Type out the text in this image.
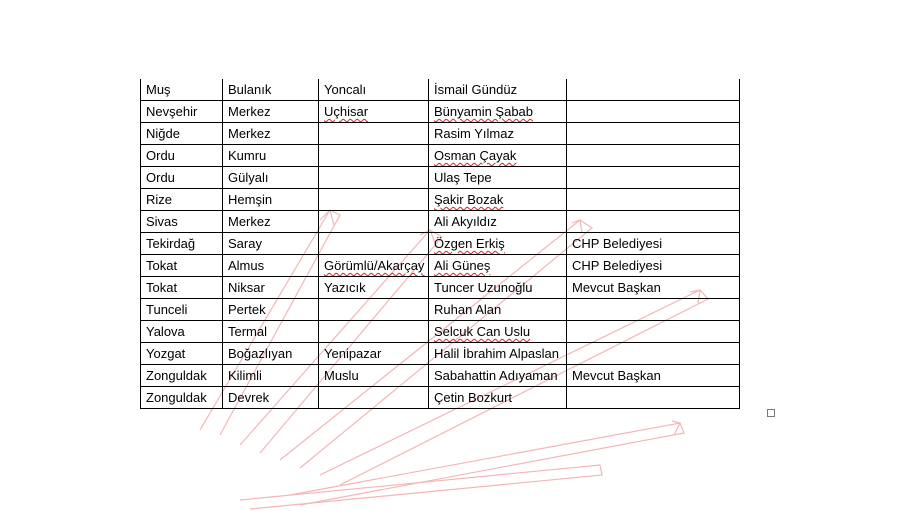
Muş	Bulanık	Yoncalı	İsmail Gündüz	
Nevşehir	Merkez	Uçhisar	Bünyamin Şabab	
Niğde	Merkez		Rasim Yılmaz	
Ordu	Kumru		Osman Çayak	
Ordu	Gülyalı		Ulaş Tepe	
Rize	Hemşin		Şakir Bozak	
Sivas	Merkez		Ali Akyıldız	
Tekirdağ	Saray		Özgen Erkiş	CHP Belediyesi
Tokat	Almus	Görümlü/Akarçay	Ali Güneş	CHP Belediyesi
Tokat	Niksar	Yazıcık	Tuncer Uzunoğlu	Mevcut Başkan
Tunceli	Pertek		Ruhan Alan	
Yalova	Termal		Selcuk Can Uslu	
Yozgat	Boğazlıyan	Yenipazar	Halil İbrahim Alpaslan	
Zonguldak	Kilimli	Muslu	Sabahattin Adıyaman	Mevcut Başkan
Zonguldak	Devrek		Çetin Bozkurt	
